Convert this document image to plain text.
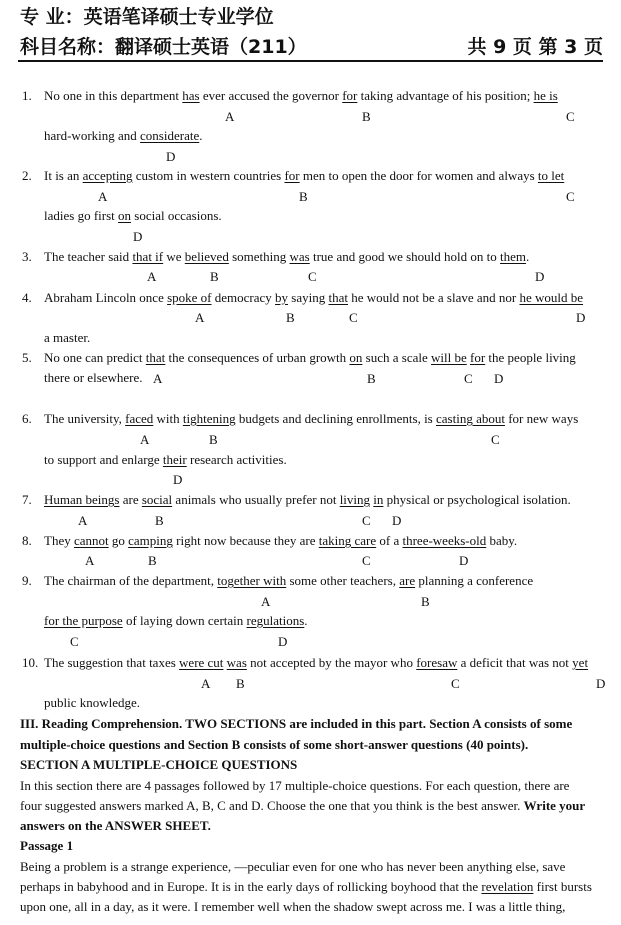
专 业：英语笔译硕士专业学位
科目名称：翻译硕士英语（211）	共 9 页 第 3 页
1. No one in this department has ever accused the governor for taking advantage of his position; he is
hard-working and considerate.
A	B	C
D
2. It is an accepting custom in western countries for men to open the door for women and always to let
ladies go first on social occasions.
A	B	C
D
3. The teacher said that if we believed something was true and good we should hold on to them.
A	B	C	D
4. Abraham Lincoln once spoke of democracy by saying that he would not be a slave and nor he would be
a master.
A	B	C	D
5. No one can predict that the consequences of urban growth on such a scale will be for the people living
there or elsewhere. A	B	C D
6. The university, faced with tightening budgets and declining enrollments, is casting about for new ways
to support and enlarge their research activities.
A	B	C
D
7. Human beings are social animals who usually prefer not living in physical or psychological isolation.
A	B	C D
8. They cannot go camping right now because they are taking care of a three-weeks-old baby.
A	B	C	D
9. The chairman of the department, together with some other teachers, are planning a conference
for the purpose of laying down certain regulations.
A	B
C	D
10. The suggestion that taxes were cut was not accepted by the mayor who foresaw a deficit that was not yet
public knowledge.
A B	C	D
III. Reading Comprehension. TWO SECTIONS are included in this part. Section A consists of some
multiple-choice questions and Section B consists of some short-answer questions (40 points).
SECTION A MULTIPLE-CHOICE QUESTIONS
In this section there are 4 passages followed by 17 multiple-choice questions. For each question, there are
four suggested answers marked A, B, C and D. Choose the one that you think is the best answer. Write your
answers on the ANSWER SHEET.
Passage 1
Being a problem is a strange experience, —peculiar even for one who has never been anything else, save
perhaps in babyhood and in Europe. It is in the early days of rollicking boyhood that the revelation first bursts
upon one, all in a day, as it were. I remember well when the shadow swept across me. I was a little thing,
